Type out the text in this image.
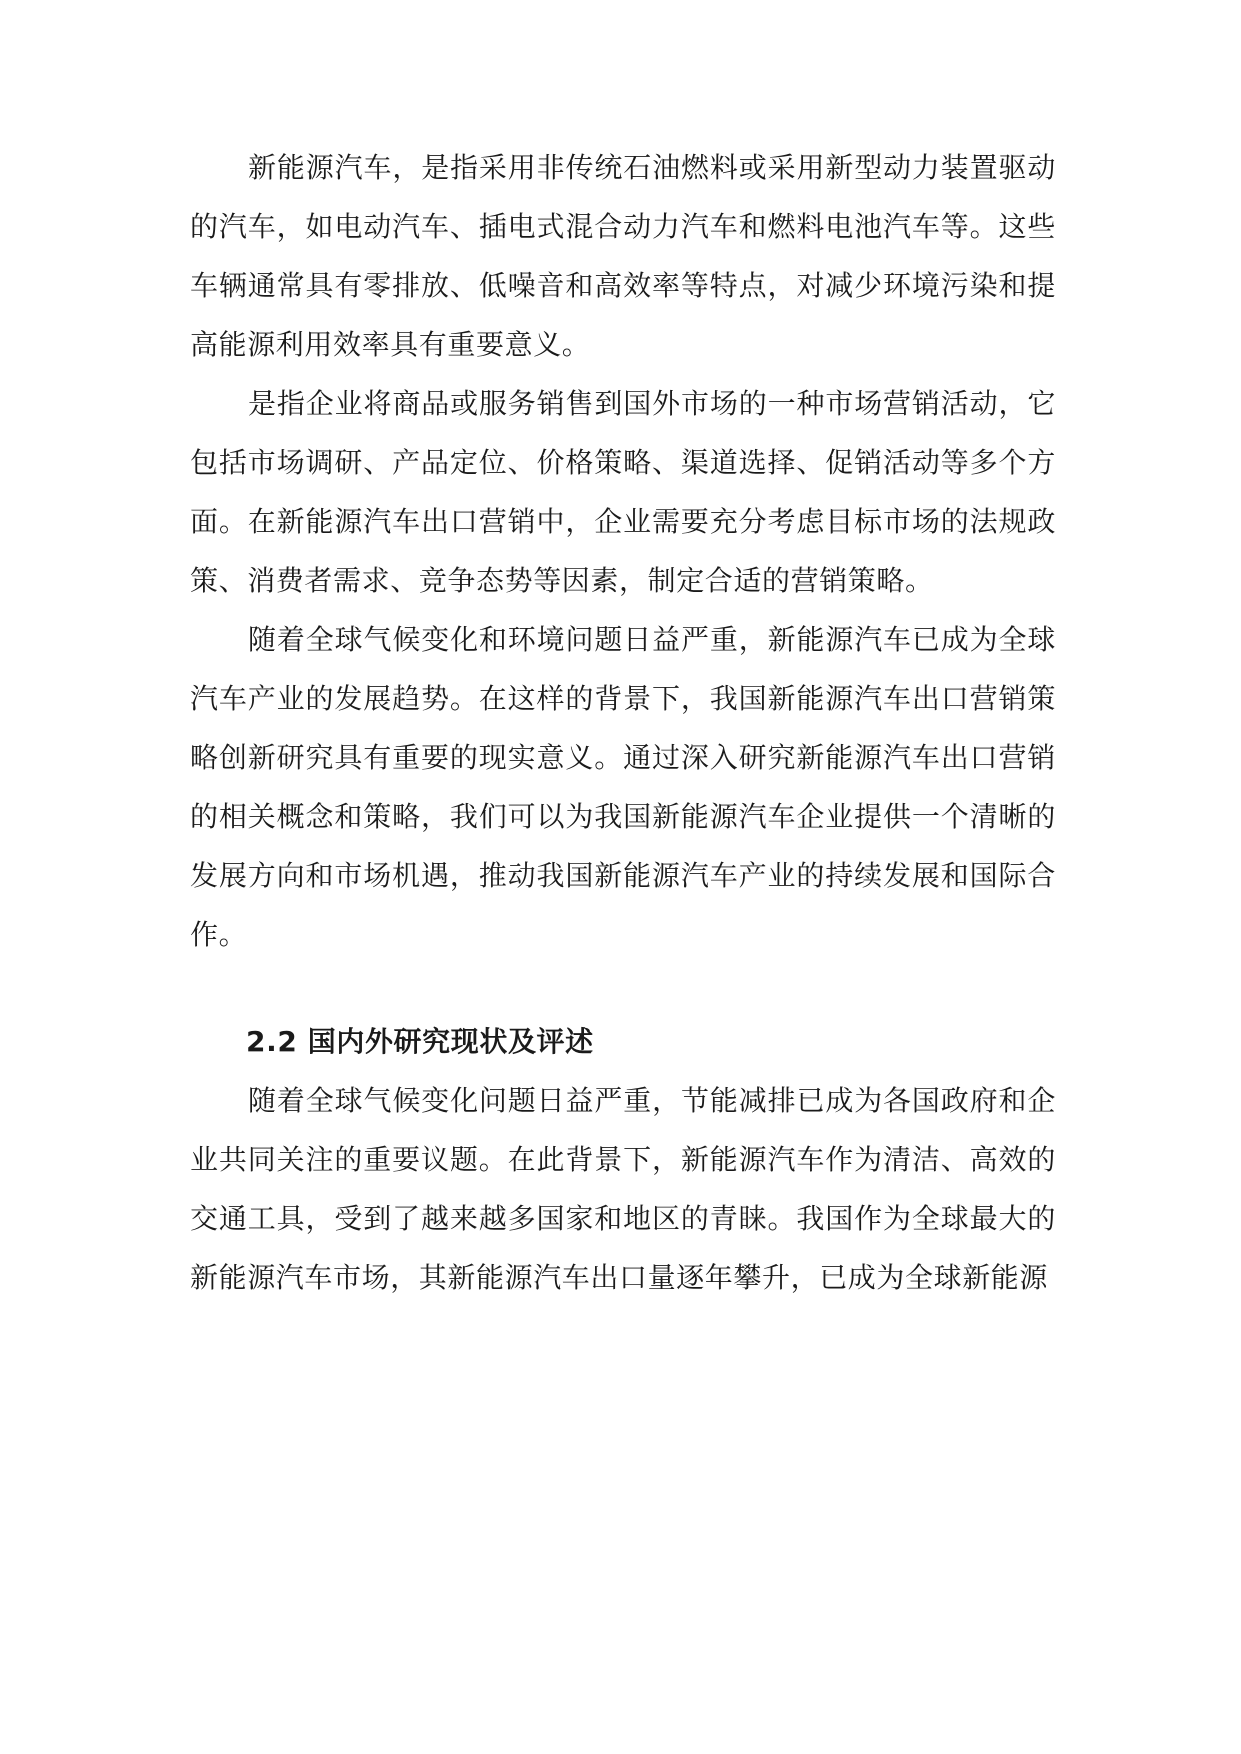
新能源汽车，是指采用非传统石油燃料或采用新型动力装置驱动的汽车，如电动汽车、插电式混合动力汽车和燃料电池汽车等。这些车辆通常具有零排放、低噪音和高效率等特点，对减少环境污染和提高能源利用效率具有重要意义。

是指企业将商品或服务销售到国外市场的一种市场营销活动，它包括市场调研、产品定位、价格策略、渠道选择、促销活动等多个方面。在新能源汽车出口营销中，企业需要充分考虑目标市场的法规政策、消费者需求、竞争态势等因素，制定合适的营销策略。

随着全球气候变化和环境问题日益严重，新能源汽车已成为全球汽车产业的发展趋势。在这样的背景下，我国新能源汽车出口营销策略创新研究具有重要的现实意义。通过深入研究新能源汽车出口营销的相关概念和策略，我们可以为我国新能源汽车企业提供一个清晰的发展方向和市场机遇，推动我国新能源汽车产业的持续发展和国际合作。

2.2 国内外研究现状及评述

随着全球气候变化问题日益严重，节能减排已成为各国政府和企业共同关注的重要议题。在此背景下，新能源汽车作为清洁、高效的交通工具，受到了越来越多国家和地区的青睐。我国作为全球最大的新能源汽车市场，其新能源汽车出口量逐年攀升，已成为全球新能源
